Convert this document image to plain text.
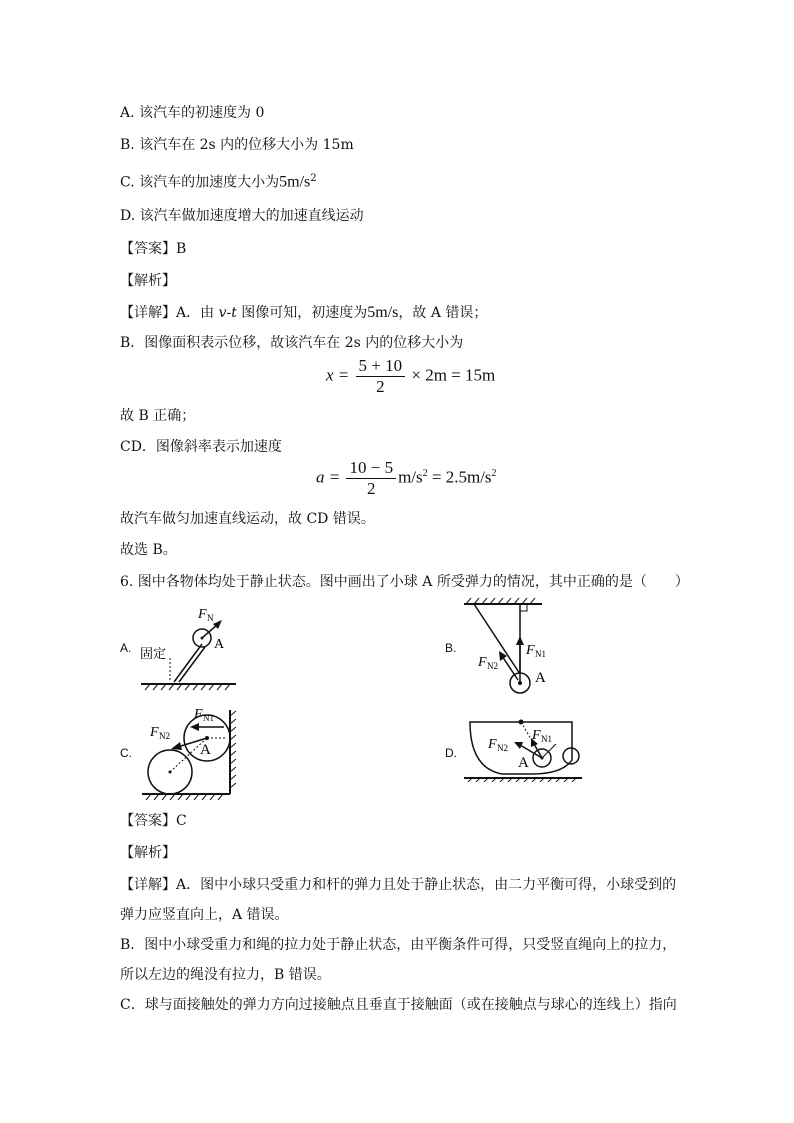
A. 该汽车的初速度为 0
B. 该汽车在 2s 内的位移大小为 15m
C. 该汽车的加速度大小为$5m/s^2$
D. 该汽车做加速度增大的加速直线运动
【答案】B
【解析】
【详解】A．由 v-t 图像可知，初速度为5m/s，故 A 错误；
B．图像面积表示位移，故该汽车在 2s 内的位移大小为
$x = \frac{5 + 10}{2} \times 2m = 15m$
故 B 正确；
CD．图像斜率表示加速度
$a = \frac{10 - 5}{2} m/s^2 = 2.5m/s^2$
故汽车做匀加速直线运动，故 CD 错误。
故选 B。
6. 图中各物体均处于静止状态。图中画出了小球 A 所受弹力的情况，其中正确的是（　　）
A.
F N
A
固定	B.	F N1
F N2
A
C.
F N1
F N2
A	D.
F N1
F N2
A
【答案】C
【解析】
【详解】A．图中小球只受重力和杆的弹力且处于静止状态，由二力平衡可得，小球受到的
弹力应竖直向上，A 错误。
B．图中小球受重力和绳的拉力处于静止状态，由平衡条件可得，只受竖直绳向上的拉力，
所以左边的绳没有拉力，B 错误。
C．球与面接触处的弹力方向过接触点且垂直于接触面（或在接触点与球心的连线上）指向
